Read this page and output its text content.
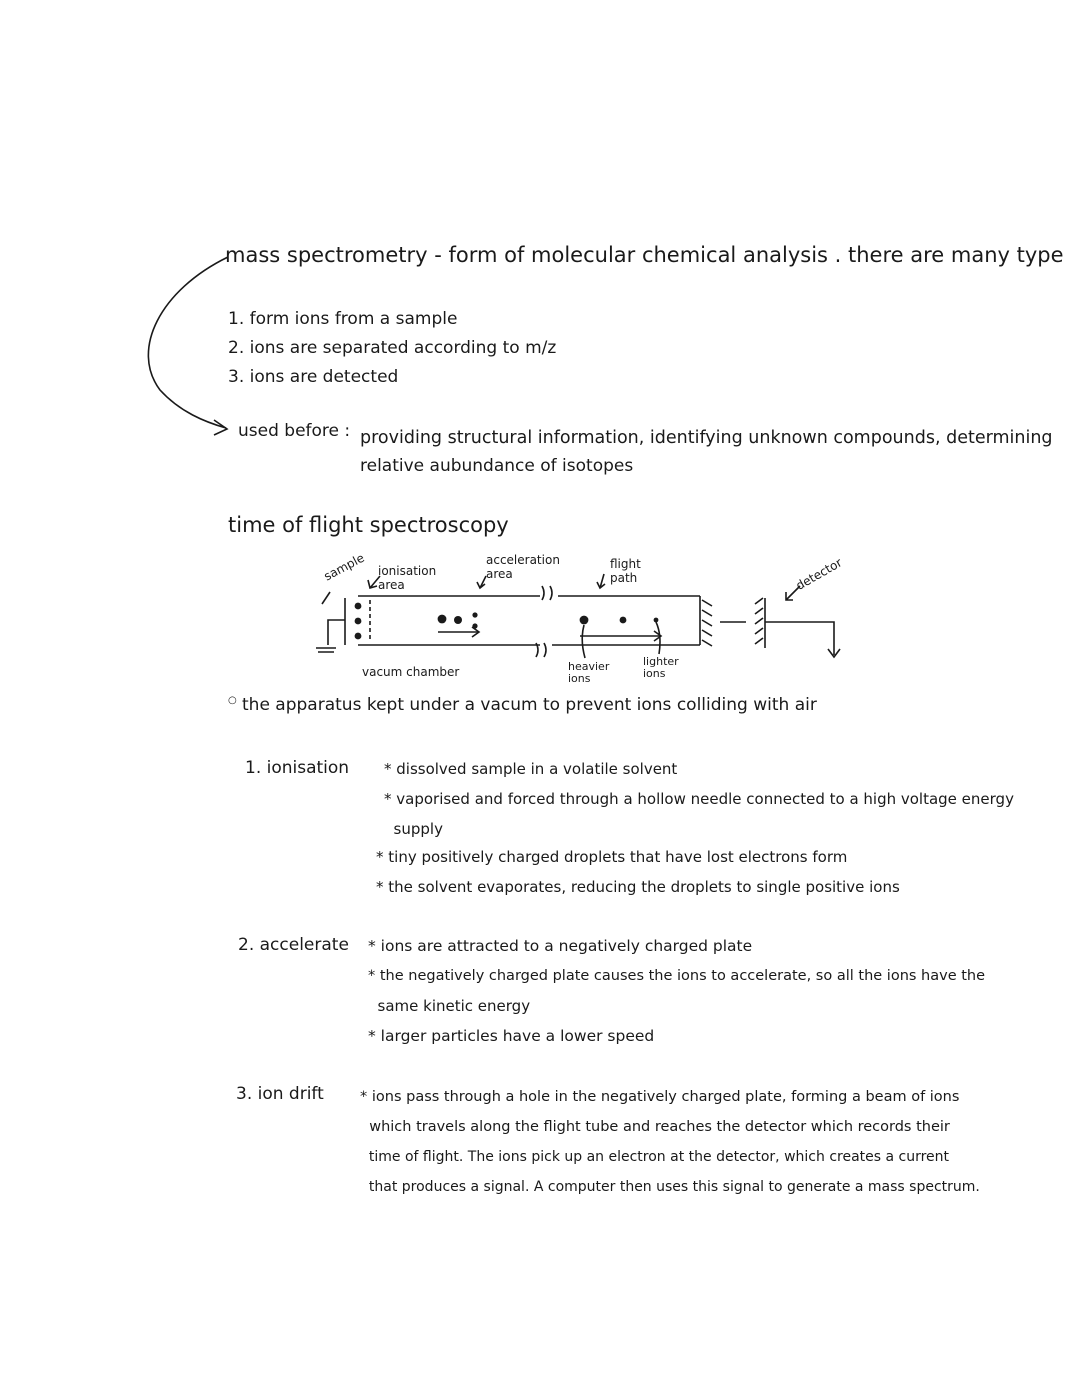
mass spectrometry - form of molecular chemical analysis . there are many type
1. form ions from a sample
2. ions are separated according to m/z
3. ions are detected
used before : providing structural information, identifying unknown compounds, determining
relative aubundance of isotopes
time of flight spectroscopy
sample ionisation area
acceleration area
flight path	detector
vacum chamber	heavier ions
lighter ions
○ the apparatus kept under a vacum to prevent ions colliding with air
1. ionisation * dissolved sample in a volatile solvent
* vaporised and forced through a hollow needle connected to a high voltage energy
supply
* tiny positively charged droplets that have lost electrons form
* the solvent evaporates, reducing the droplets to single positive ions
2. accelerate * ions are attracted to a negatively charged plate
* the negatively charged plate causes the ions to accelerate, so all the ions have the
same kinetic energy
* larger particles have a lower speed
3. ion drift * ions pass through a hole in the negatively charged plate, forming a beam of ions
which travels along the flight tube and reaches the detector which records their
time of flight. The ions pick up an electron at the detector, which creates a current
that produces a signal. A computer then uses this signal to generate a mass spectrum.
